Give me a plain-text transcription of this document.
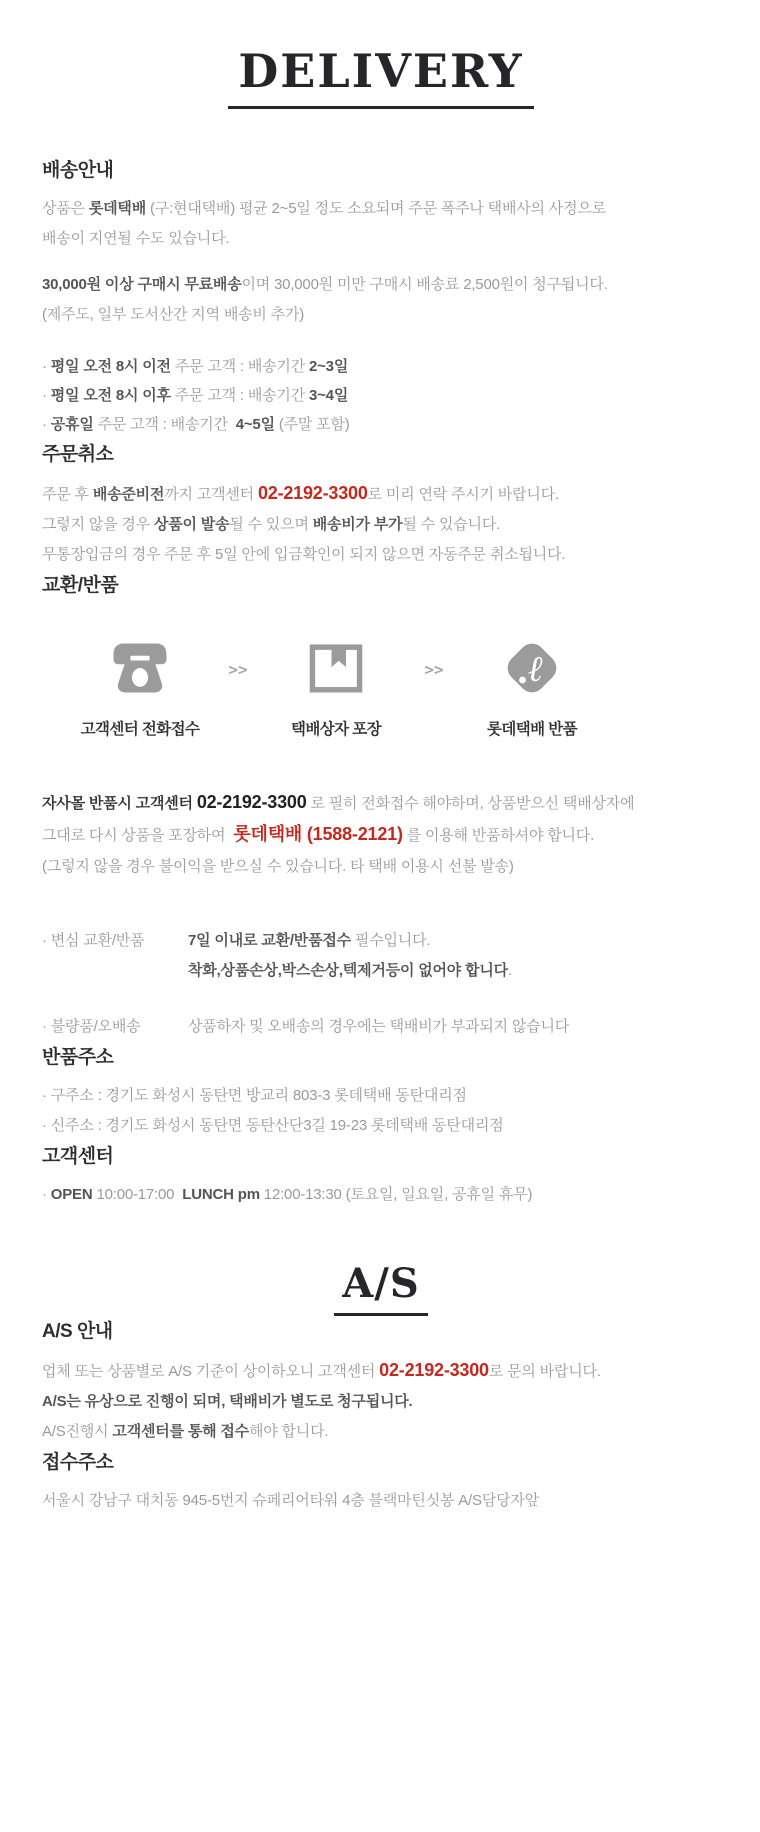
DELIVERY
배송안내
상품은 롯데택배 (구:현대택배) 평균 2~5일 정도 소요되며 주문 폭주나 택배사의 사정으로
배송이 지연될 수도 있습니다.
30,000원 이상 구매시 무료배송이며 30,000원 미만 구매시 배송료 2,500원이 청구됩니다.
(제주도, 일부 도서산간 지역 배송비 추가)
· 평일 오전 8시 이전 주문 고객 : 배송기간 2~3일
· 평일 오전 8시 이후 주문 고객 : 배송기간 3~4일
· 공휴일 주문 고객 : 배송기간  4~5일 (주말 포함)
주문취소
주문 후 배송준비전까지 고객센터 02-2192-3300로 미리 연락 주시기 바랍니다.
그렇지 않을 경우 상품이 발송될 수 있으며 배송비가 부가될 수 있습니다.
무통장입금의 경우 주문 후 5일 안에 입금확인이 되지 않으면 자동주문 취소됩니다.
교환/반품
고객센터 전화접수
>>
택배상자 포장
>> ℓ
롯데택배 반품
자사몰 반품시 고객센터 02-2192-3300 로 필히 전화접수 해야하며, 상품받으신 택배상자에
그대로 다시 상품을 포장하여  롯데택배 (1588-2121) 를 이용해 반품하셔야 합니다.
(그렇지 않을 경우 불이익을 받으실 수 있습니다. 타 택배 이용시 선불 발송)
· 변심 교환/반품	7일 이내로 교환/반품접수 필수입니다.
착화,상품손상,박스손상,텍제거등이 없어야 합니다.
· 불량품/오배송	상품하자 및 오배송의 경우에는 택배비가 부과되지 않습니다
반품주소
· 구주소 : 경기도 화성시 동탄면 방교리 803-3 롯데택배 동탄대리점
· 신주소 : 경기도 화성시 동탄면 동탄산단3길 19-23 롯데택배 동탄대리점
고객센터
· OPEN 10:00-17:00  LUNCH pm 12:00-13:30 (토요일, 일요일, 공휴일 휴무)
A/S
A/S 안내
업체 또는 상품별로 A/S 기준이 상이하오니 고객센터 02-2192-3300로 문의 바랍니다.
A/S는 유상으로 진행이 되며, 택배비가 별도로 청구됩니다.
A/S진행시 고객센터를 통해 접수해야 합니다.
접수주소
서울시 강남구 대치동 945-5번지 슈페리어타워 4층 블랙마틴싯봉 A/S담당자앞
